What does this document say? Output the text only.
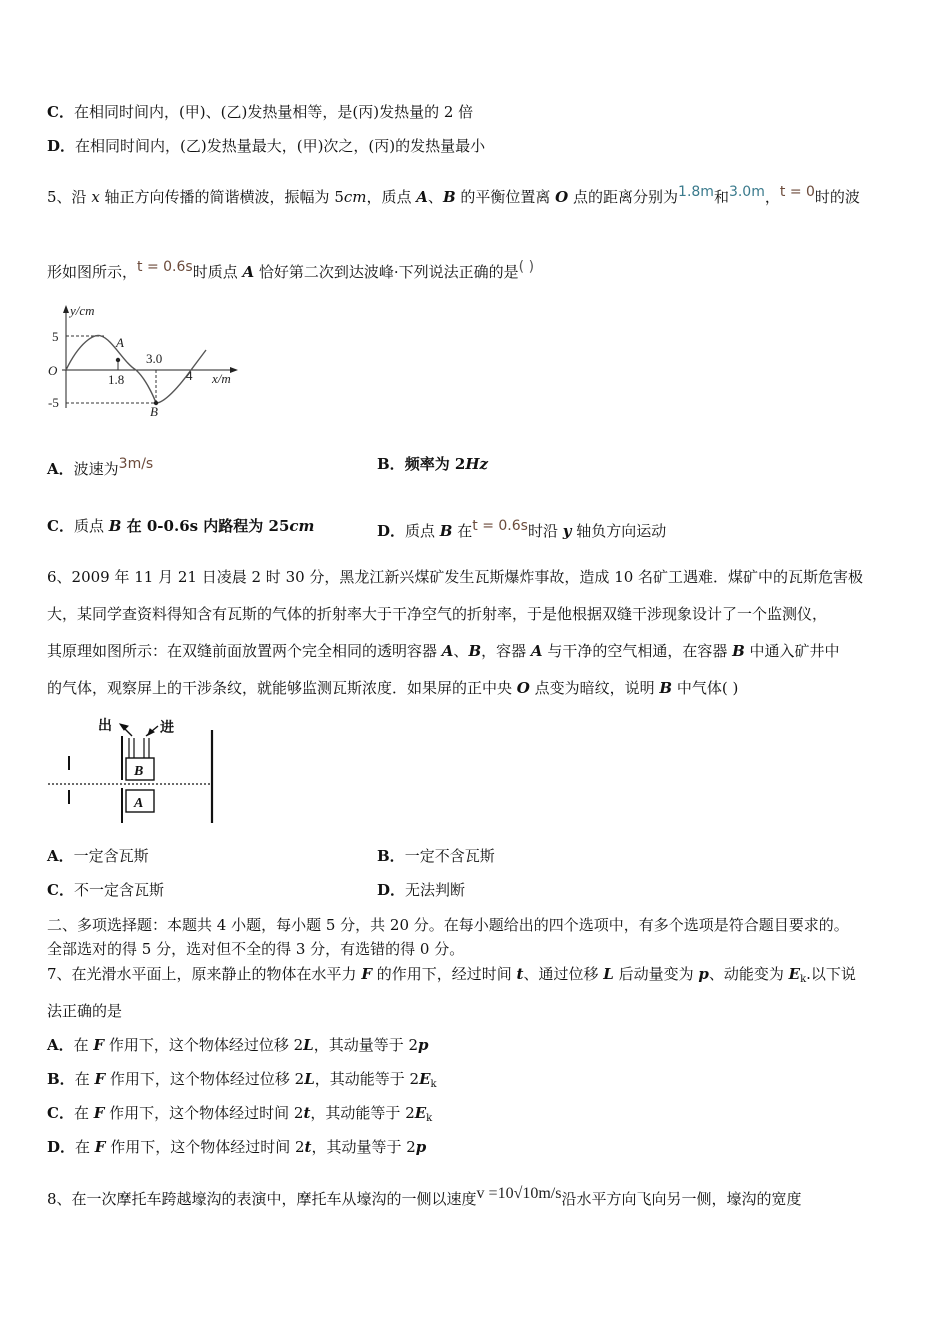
C．在相同时间内，(甲)、(乙)发热量相等，是(丙)发热量的 2 倍
D．在相同时间内，(乙)发热量最大，(甲)次之，(丙)的发热量最小
5、沿 x 轴正方向传播的简谐横波，振幅为 5cm，质点 A、B 的平衡位置离 O 点的距离分别为1.8m和3.0m，t = 0时的波
形如图所示，t = 0.6s时质点 A 恰好第二次到达波峰·下列说法正确的是( )
y/cm
x/m
O
5
-5
1.8
3.0
4
A
B
A．波速为3m/s	B．频率为 2Hz
C．质点 B 在 0-0.6s 内路程为 25cm	D．质点 B 在t = 0.6s时沿 y 轴负方向运动
6、2009 年 11 月 21 日凌晨 2 时 30 分，黑龙江新兴煤矿发生瓦斯爆炸事故，造成 10 名矿工遇难．煤矿中的瓦斯危害极
大，某同学查资料得知含有瓦斯的气体的折射率大于干净空气的折射率，于是他根据双缝干涉现象设计了一个监测仪，
其原理如图所示：在双缝前面放置两个完全相同的透明容器 A、B，容器 A 与干净的空气相通，在容器 B 中通入矿井中
的气体，观察屏上的干涉条纹，就能够监测瓦斯浓度．如果屏的正中央 O 点变为暗纹，说明 B 中气体( )
出	进
B
A
A．一定含瓦斯	B．一定不含瓦斯
C．不一定含瓦斯	D．无法判断
二、多项选择题：本题共 4 小题，每小题 5 分，共 20 分。在每小题给出的四个选项中，有多个选项是符合题目要求的。
全部选对的得 5 分，选对但不全的得 3 分，有选错的得 0 分。
7、在光滑水平面上，原来静止的物体在水平力 F 的作用下，经过时间 t、通过位移 L 后动量变为 p、动能变为 $E_k$.以下说
法正确的是
A．在 F 作用下，这个物体经过位移 2L，其动量等于 2p
B．在 F 作用下，这个物体经过位移 2L，其动能等于 $2E_k$
C．在 F 作用下，这个物体经过时间 2t，其动能等于 $2E_k$
D．在 F 作用下，这个物体经过时间 2t，其动量等于 2p
8、在一次摩托车跨越壕沟的表演中，摩托车从壕沟的一侧以速度v =10√10m/s沿水平方向飞向另一侧，壕沟的宽度
